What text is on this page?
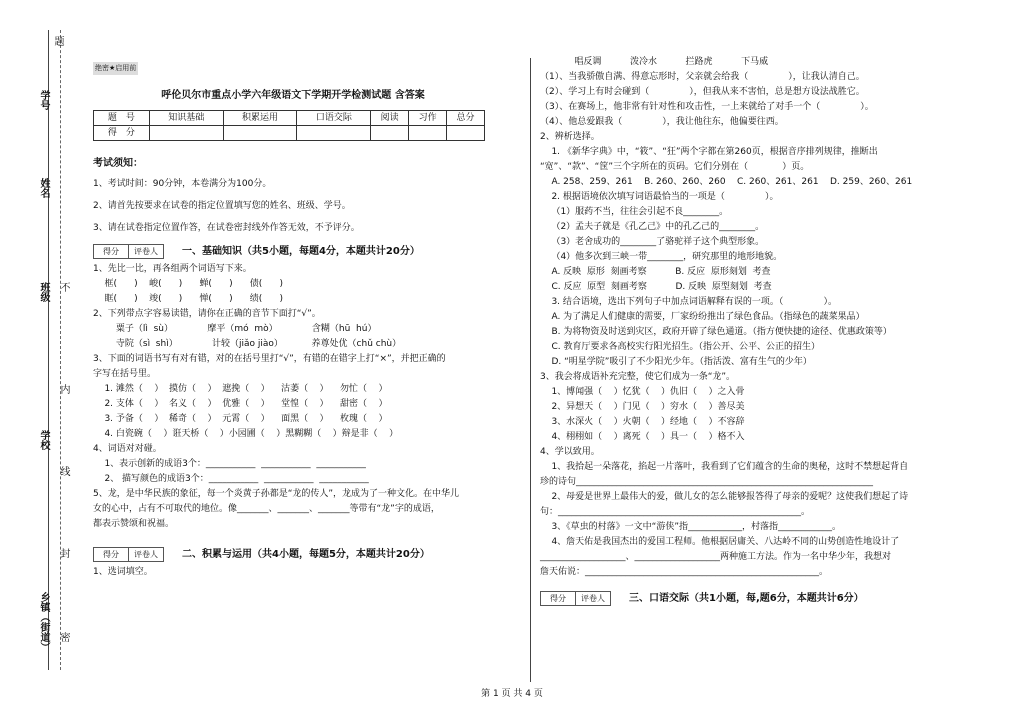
题
学号
姓名
班级
学校
乡镇（街道）
不
内
线
封
密
绝密★启用前
呼伦贝尔市重点小学六年级语文下学期开学检测试题 含答案
题　号	知识基础	积累运用	口语交际	阅读	习作	总分
得　分						
考试须知：
1、考试时间：90分钟，本卷满分为100分。
2、请首先按要求在试卷的指定位置填写您的姓名、班级、学号。
3、请在试卷指定位置作答，在试卷密封线外作答无效，不予评分。
得分	评卷人 一、基础知识（共5小题，每题4分，本题共计20分）
1、先比一比，再各组两个词语写下来。
框(      )    峻(      )      蝉(      )      债(      )
眶(      )    竣(      )      惮(      )      绩(      )
2、下列带点字容易读错，请你在正确的音节下面打“√”。
粟子（lì  sù）            摩平（mó  mò）            含糊（hū  hú）
寺院（sì  shì）            计较（jiǎo jiào）          养尊处优（chǔ chù）
3、下面的词语书写有对有错，对的在括号里打“√”，有错的在错字上打“×”，并把正确的
字写在括号里。
1. 滩然（    ）  摸仿（    ）  遮挽（    ）    沽萎（    ）    勿忙（    ）
2. 支体（    ）  名义（    ）  优雅（    ）    堂惶（    ）    甜密（    ）
3. 予备（    ）  稀奇（    ）  元霄（    ）    面黑（    ）    枚瑰（    ）
4. 白瓷碗（    ）诳天桥（    ）小园圃（    ）黑糊糊（    ）辩是非（    ）
4、词语对对碰。
1、表示创新的成语3个：___________  ___________  ___________
2、 描写颜色的成语3个：___________  ___________  ___________
5、龙，是中华民族的象征，每一个炎黄子孙都是“龙的传人”，龙成为了一种文化。在中华儿
女的心中，占有不可取代的地位。像_______、_______、_______等带有“龙”字的成语，
都表示赞颂和祝福。
得分	评卷人 二、积累与运用（共4小题，每题5分，本题共计20分）
1、选词填空。
唱反调          泼冷水          拦路虎          下马威
（1）、当我骄傲自满、得意忘形时，父亲就会给我（              ），让我认清自己。
（2）、学习上有时会碰到（              ），但我从来不害怕，总是想方设法战胜它。
（3）、在赛场上，他非常有针对性和攻击性，一上来就给了对手一个（              ）。
（4）、他总爱跟我（              ），我让他往东，他偏要往西。
2、辨析选择。
1. 《新华字典》中，“筱”、“狂”两个字都在第260页，根据音序排列规律，推断出
“宽”、“款”、“筐”三个字所在的页码。它们分别在（            ）页。
A. 258、259、261    B. 260、260、260    C. 260、261、261    D. 259、260、261
2. 根据语境依次填写词语最恰当的一项是（              ）。
（1）服药不当，往往会引起不良________。
（2）孟夫子就是《孔乙己》中的孔乙己的________。
（3）老舍成功的________了骆驼祥子这个典型形象。
（4）他多次到三峡一带________，研究那里的地形地貌。
A. 反映  原形  刻画考察          B. 反应  原形刻划  考查
C. 反应  原型  刻画考察          D. 反映  原型刻划  考查
3. 结合语境，选出下列句子中加点词语解释有误的一项。（              ）。
A. 为了满足人们健康的需要，厂家纷纷推出了绿色食品。（指绿色的蔬菜果品）
B. 为将物资及时送到灾区，政府开辟了绿色通道。（指方便快捷的途径、优惠政策等）
C. 教育厅要求各高校实行阳光招生。（指公开、公平、公正的招生）
D. “明星学院”吸引了不少阳光少年。（指活泼、富有生气的少年）
3、我会将成语补充完整，使它们成为一条“龙”。
1、博闻强（    ）忆犹（    ）仇旧（    ）之入骨
2、异想天（    ）门见（    ）穷水（    ）善尽美
3、水深火（    ）火朝（    ）经地（    ）不容辞
4、栩栩如（    ）离死（    ）具一（    ）格不入
4、学以致用。
1、我拾起一朵落花，掐起一片落叶，我看到了它们蕴含的生命的奥秘，这时不禁想起背自
珍的诗句__________________________________________________________________
2、母爱是世界上最伟大的爱，做儿女的怎么能够报答得了母亲的爱呢？这使我们想起了诗
句：______________________________________________________。
3、《草虫的村落》一文中“游侠”指____________，村落指____________。
4、詹天佑是我国杰出的爱国工程师。他根据居庸关、八达岭不同的山势创造性地设计了
___________________、___________________两种施工方法。作为一名中华少年，我想对
詹天佑说：____________________________________________________。
得分	评卷人 三、口语交际（共1小题，每,题6分，本题共计6分）
第 1 页 共 4 页
